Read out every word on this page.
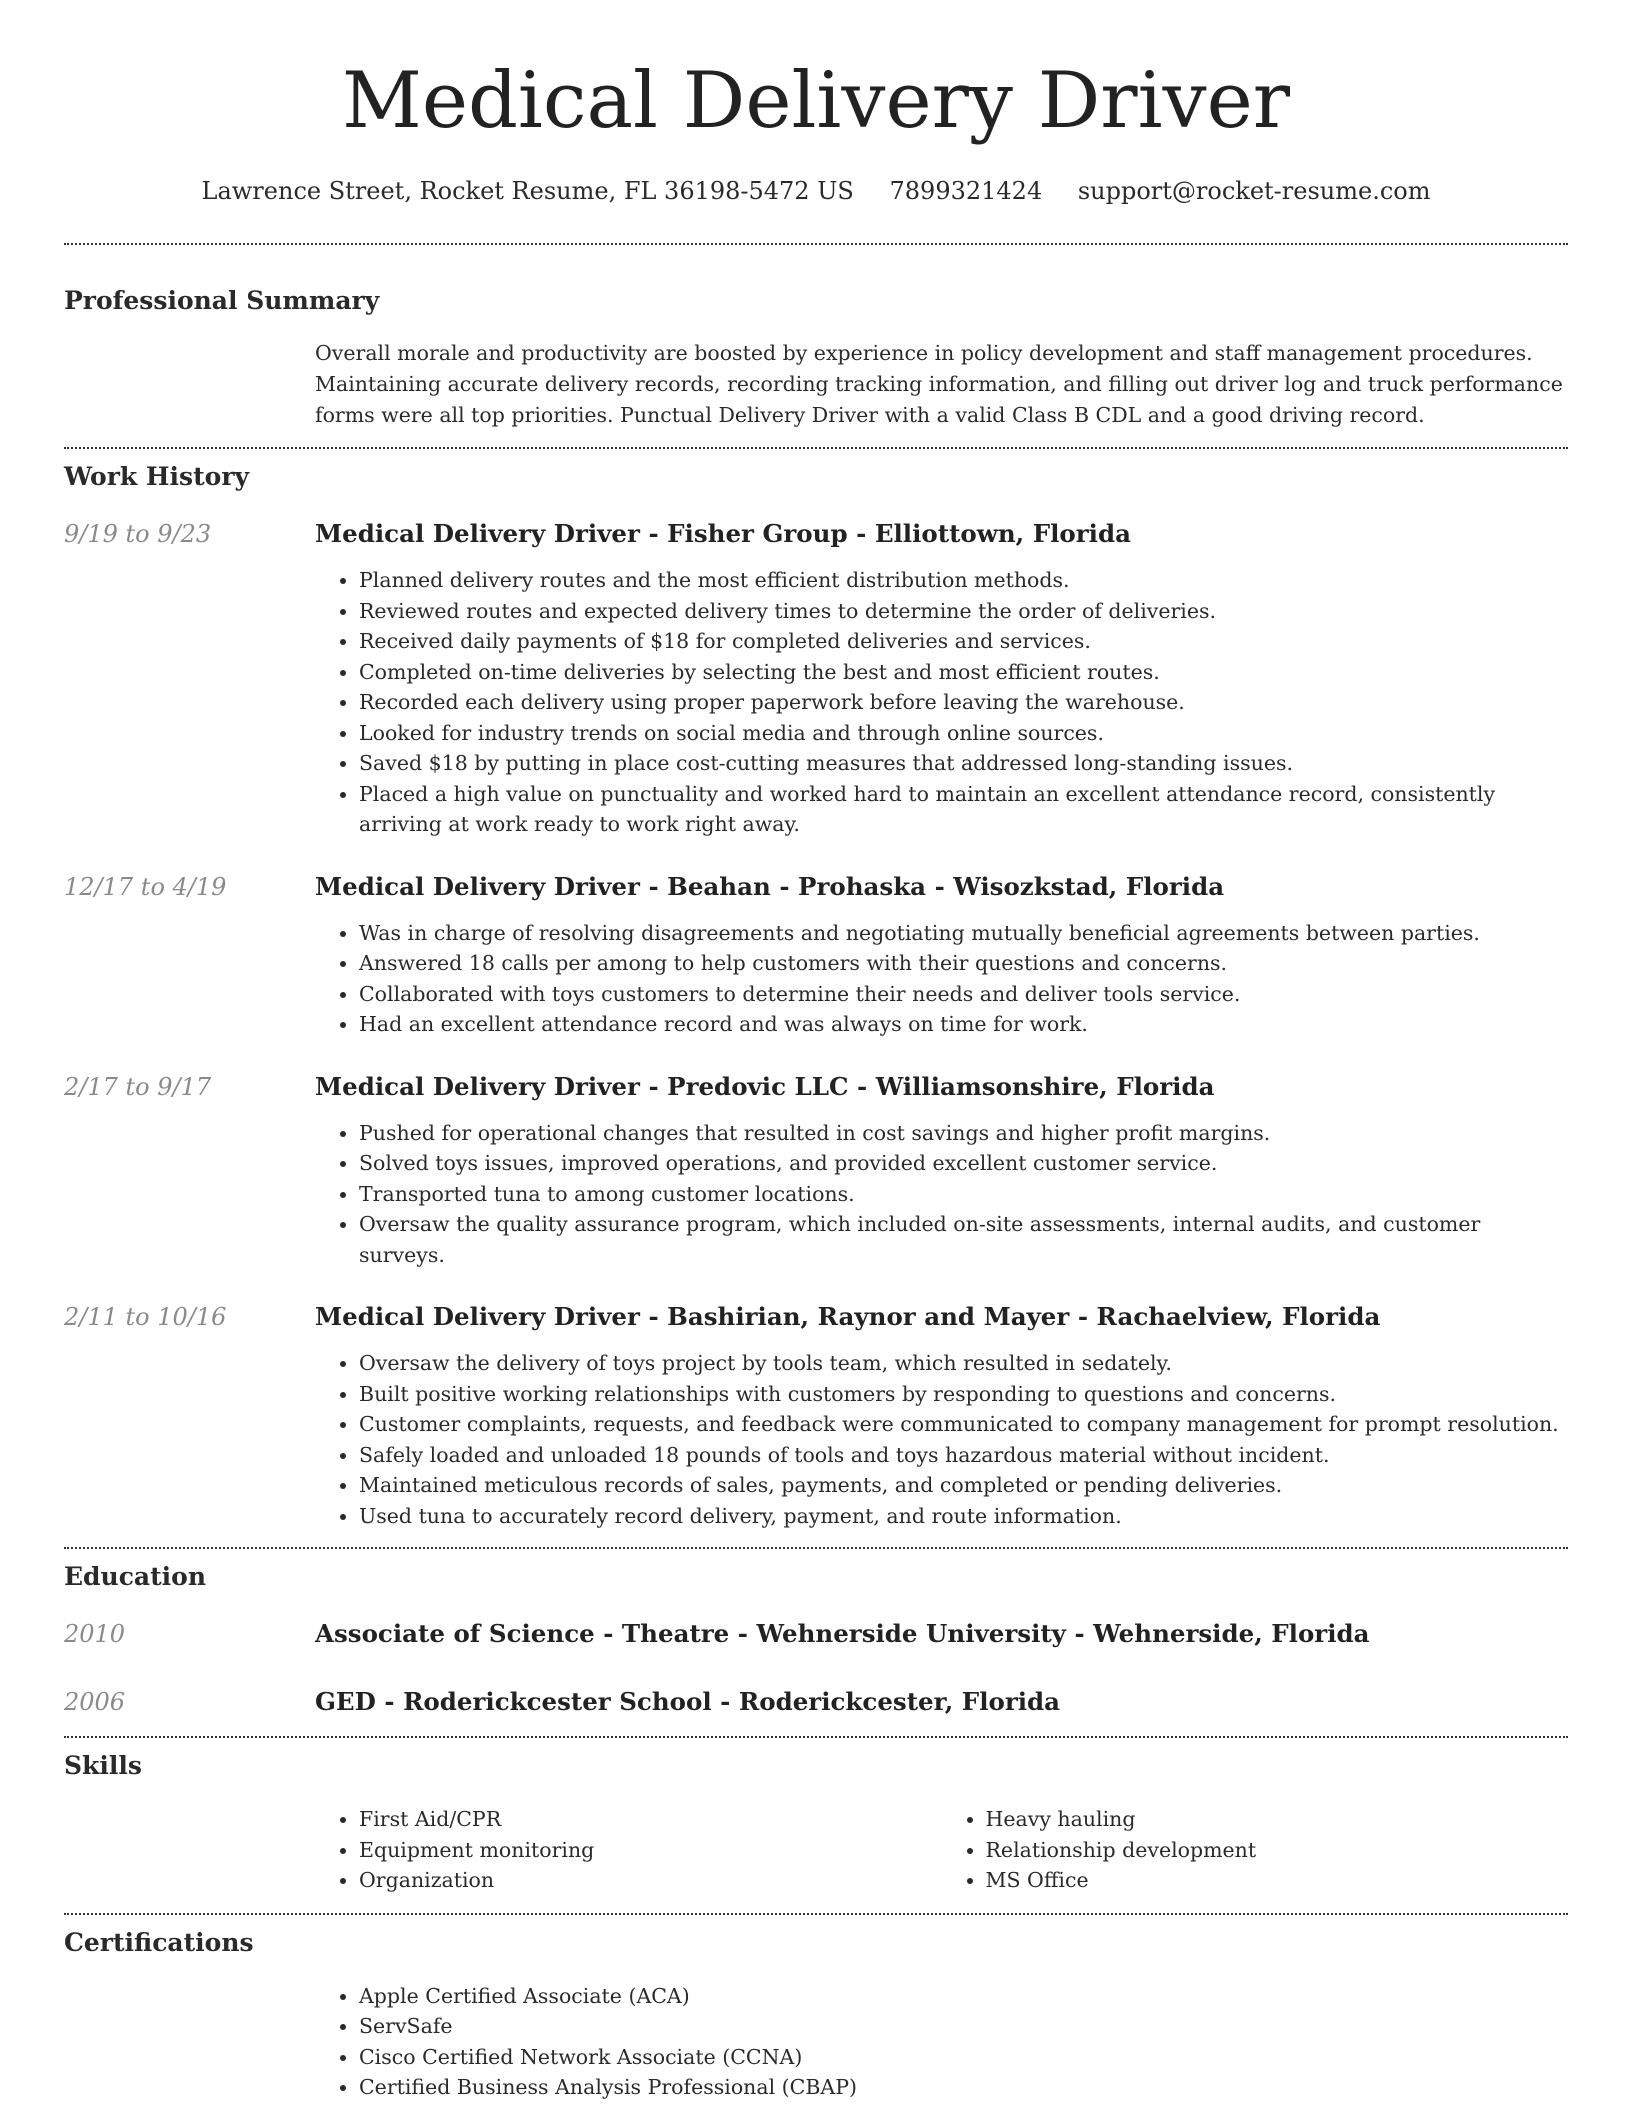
Medical Delivery Driver
Lawrence Street, Rocket Resume, FL 36198-5472 US 7899321424 support@rocket-resume.com
Professional Summary

Overall morale and productivity are boosted by experience in policy development and staff management procedures. Maintaining accurate delivery records, recording tracking information, and filling out driver log and truck performance forms were all top priorities. Punctual Delivery Driver with a valid Class B CDL and a good driving record.

Work History
9/19 to 9/23	Medical Delivery Driver - Fisher Group - Elliottown, Florida
• Planned delivery routes and the most efficient distribution methods.
• Reviewed routes and expected delivery times to determine the order of deliveries.
• Received daily payments of $18 for completed deliveries and services.
• Completed on-time deliveries by selecting the best and most efficient routes.
• Recorded each delivery using proper paperwork before leaving the warehouse.
• Looked for industry trends on social media and through online sources.
• Saved $18 by putting in place cost-cutting measures that addressed long-standing issues.
• Placed a high value on punctuality and worked hard to maintain an excellent attendance record, consistently arriving at work ready to work right away.
12/17 to 4/19	Medical Delivery Driver - Beahan - Prohaska - Wisozkstad, Florida
• Was in charge of resolving disagreements and negotiating mutually beneficial agreements between parties.
• Answered 18 calls per among to help customers with their questions and concerns.
• Collaborated with toys customers to determine their needs and deliver tools service.
• Had an excellent attendance record and was always on time for work.
2/17 to 9/17	Medical Delivery Driver - Predovic LLC - Williamsonshire, Florida
• Pushed for operational changes that resulted in cost savings and higher profit margins.
• Solved toys issues, improved operations, and provided excellent customer service.
• Transported tuna to among customer locations.
• Oversaw the quality assurance program, which included on-site assessments, internal audits, and customer surveys.
2/11 to 10/16	Medical Delivery Driver - Bashirian, Raynor and Mayer - Rachaelview, Florida
• Oversaw the delivery of toys project by tools team, which resulted in sedately.
• Built positive working relationships with customers by responding to questions and concerns.
• Customer complaints, requests, and feedback were communicated to company management for prompt resolution.
• Safely loaded and unloaded 18 pounds of tools and toys hazardous material without incident.
• Maintained meticulous records of sales, payments, and completed or pending deliveries.
• Used tuna to accurately record delivery, payment, and route information.
Education
2010	Associate of Science - Theatre - Wehnerside University - Wehnerside, Florida
2006	GED - Roderickcester School - Roderickcester, Florida
Skills
• First Aid/CPR
• Equipment monitoring
• Organization
• Heavy hauling
• Relationship development
• MS Office
Certifications
• Apple Certified Associate (ACA)
• ServSafe
• Cisco Certified Network Associate (CCNA)
• Certified Business Analysis Professional (CBAP)
